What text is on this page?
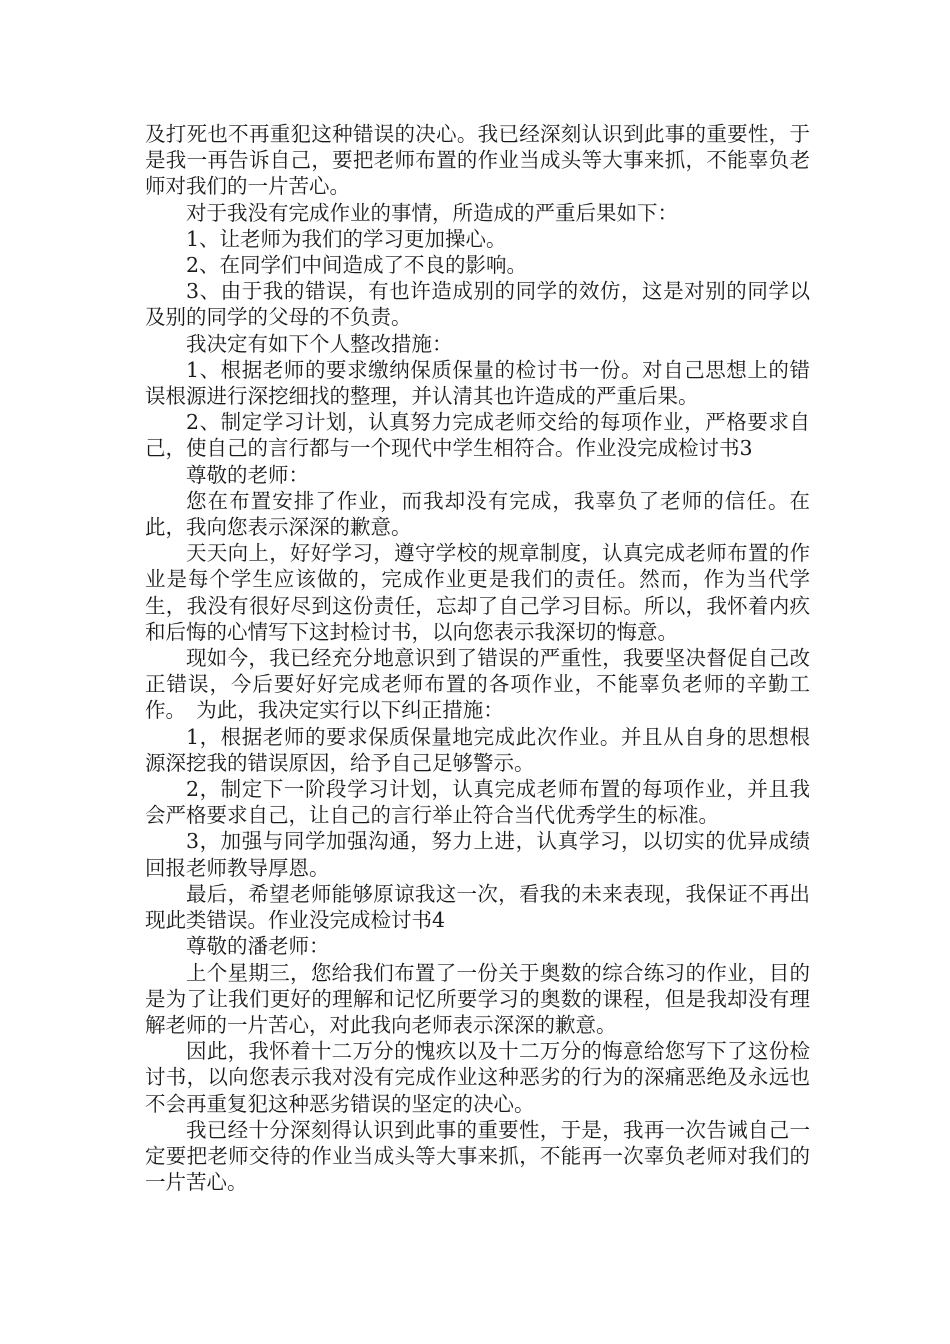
及打死也不再重犯这种错误的决心。我已经深刻认识到此事的重要性，于是我一再告诉自己，要把老师布置的作业当成头等大事来抓，不能辜负老师对我们的一片苦心。

对于我没有完成作业的事情，所造成的严重后果如下：

1、让老师为我们的学习更加操心。

2、在同学们中间造成了不良的影响。

3、由于我的错误，有也许造成别的同学的效仿，这是对别的同学以及别的同学的父母的不负责。

我决定有如下个人整改措施：

1、根据老师的要求缴纳保质保量的检讨书一份。对自己思想上的错误根源进行深挖细找的整理，并认清其也许造成的严重后果。

2、制定学习计划，认真努力完成老师交给的每项作业，严格要求自己，使自己的言行都与一个现代中学生相符合。作业没完成检讨书3

尊敬的老师：

您在布置安排了作业，而我却没有完成，我辜负了老师的信任。在此，我向您表示深深的歉意。

天天向上，好好学习，遵守学校的规章制度，认真完成老师布置的作业是每个学生应该做的，完成作业更是我们的责任。然而，作为当代学生，我没有很好尽到这份责任，忘却了自己学习目标。所以，我怀着内疚和后悔的心情写下这封检讨书，以向您表示我深切的悔意。

现如今，我已经充分地意识到了错误的严重性，我要坚决督促自己改正错误，今后要好好完成老师布置的各项作业，不能辜负老师的辛勤工作。　为此，我决定实行以下纠正措施：

1，根据老师的要求保质保量地完成此次作业。并且从自身的思想根源深挖我的错误原因，给予自己足够警示。

2，制定下一阶段学习计划，认真完成老师布置的每项作业，并且我会严格要求自己，让自己的言行举止符合当代优秀学生的标准。

3，加强与同学加强沟通，努力上进，认真学习，以切实的优异成绩回报老师教导厚恩。

最后，希望老师能够原谅我这一次，看我的未来表现，我保证不再出现此类错误。作业没完成检讨书4

尊敬的潘老师：

上个星期三，您给我们布置了一份关于奥数的综合练习的作业，目的是为了让我们更好的理解和记忆所要学习的奥数的课程，但是我却没有理解老师的一片苦心，对此我向老师表示深深的歉意。

因此，我怀着十二万分的愧疚以及十二万分的悔意给您写下了这份检讨书，以向您表示我对没有完成作业这种恶劣的行为的深痛恶绝及永远也不会再重复犯这种恶劣错误的坚定的决心。

我已经十分深刻得认识到此事的重要性，于是，我再一次告诫自己一定要把老师交待的作业当成头等大事来抓，不能再一次辜负老师对我们的一片苦心。
